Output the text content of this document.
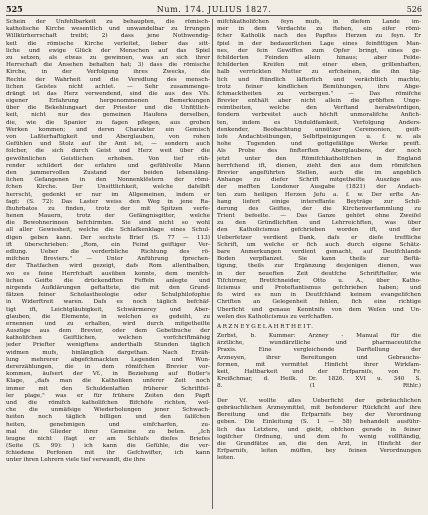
525	Num. 174. JULIUS 1827.	526
Schein der Unfehlbarkeit zu behaupten, die römisch-
katholische Kirche wesentlich und unwandelbar zu Irrungen
Willkürherrschaft treibt; 2) dass jene Nothwendig-
keit die römische Kirche verleitet, lieber das sitt-
liche und ewige Glück der Menschen auf das Spiel
zu setzen, als etwas zu gewinnen, was an sich ihrer
Herrschaft die Ansehen behalten hat; 3) dass die römische
Kirche, in der Verfolgung ihres Zwecks, die
Rechte der Wahrheit und die Veredlung des mensch-
lichen Geistes nicht achtet. — Sehr zusammenge-
drängt ist das Herz verwendend, sind die aus des Vfs.
eigener Erfahrung hergenommenen Bemerkungen
über die Bekehlungsart der Priester und die Unfittlich-
keit, nicht nur des gemeinen Haufens derselben,
die, wie die Spanier zu fagen pflegen, aus groben
Werken kommen; und deren Charakter ein Gemisch
von Laßterhaftigkeit und Aberglauben, von rohen
Gefühlen und Stolz auf ihr Amt ist, — sondern auch
folcher, die sich durch Geist und Herz weit über die
gewöhnlichen Geistlichen erhoben. Von tief rüh-
render schildert der erfahre und gefühlvolle Mann
den jammervollen Zustand der beiden lebensläng-
lichen Gefangenen in den Nonnenklöstern der römi-
fchen Kirche. Der Unsittlichkeit, welche dafelbft
herrscht, gedenkt er nur im Allgemeinen, indem er
fagt: (S. 72): Das Laster weiss den Weg in jene Ra-
fhuhrbatos zu finden, trotz der mit Spitzen verfe-
henen Mauern, trotz der Gefängnisgitter, welche
die Bewohnerinnen befchirmten. Sie sind nicht so wohl
all aller Gewissheit, welche die Schlafkenklage eines Schul-
digen geben kann. Der sechste Brief (S. 77 — 113)
ift überschrieben: „Rom, ein Feind geiftiger Ver-
edlung. Ueber die verderbliche Richtung des rö-
mifchen Breviers." — Unter Anführung fprechen-
der Thatfachen wird gezeigt, dafs Rom allenthalben,
wo es feine Herrfchaft ausüben konnte, dem menfch-
lichen Geifte die drückendften Feffeln anlegte und
nirgends Aufklärungen geftattete, die mit den Grund-
fätzen feiner Scholastheologie oder Schulphilofophie
in Widerftreit waren. Dafs es noch täglich befchäf-
tigt ift, Leichtgläubigkeit, Schwärmerey und Aber-
glauben, die Elemente, in welchen es gedeiht, zu
ernennen und zu erhalten, wird durch mitgetheilte
Auszüge aus dem Brevier, oder dem Gebetbuche der
katholifchen Geiftlichen, welchen vorfchriftmäfsig
jeder Priefter wenigftens anderthalb Stunden täglich
widmen mufs, hinlänglich dargethan. Nach Erzäh-
lung mehrerer abgefchmackten Legenden und Wun-
dererzählungen, die in dem römifchen Brevier vor-
kommen, äufsert der Vf., in Beziehung auf Butler's
Klage, „dafs man die Katholiken unferer Zeit noch
immer mit den Schuldenlaften früherer Schriftfel-
ler plage," was er für frühere Zeiten den Papft
und die römifch katholifchen Bifchöfe richten, wel-
che die unmäfsige Wiederholungen jener Schwach-
heiten noch täglich billigen und den ſaliſchen
heiten, genehmigen und einfcharfen, zu-
mal die Glieder ihrer Gemeine zu beten. „Ich
leugne nicht (fagt er am Schlufs dieſes Briefes
(Seite (S. 99): ) ich kann die Gefühle, die ver-
fchiedene Perfonen mit ihr Gefchwifter, ich kann
unter ihren Lehrern viele tief verwandt, die ihre
mifchkatholifchen feyn mufs, in diefem Lande im-
mer in dem Verdachte zu ftehen, ein eifer römi-
fcher Katholik nach des Papftes Herzen zu feyn. Er
fpiel in der bedauerlichen Lage eines feinfittigen Man-
nes, der fein Gewiffen zum Opfer bringt, eines ge-
fchilderten Feinden allein hinaus; aber Felde-
fchilderten Kreifen mit einer eben, grillenhaften,
halb verrückten Mutter zu erfcheinen, die ihn täg-
lich und ftündlich läfterlich und verächtlich machte,
trotz feiner kindlichen Bemühungen, ihre Abge-
fchmacktheiten zu verbergen." — Das römifche
Brevier enthält aber nicht allein die gröbften Unge-
reimtheiten, welche den Verftand herabwürdigen,
fondern verbreitet auch höchft unmoralifche Anfich-
ten, indem es Unduldfamkeit, Verfolgung Anders-
denkender, Beobachtung unnützer Ceremonien, geift-
lofe Andachtsübungen, Selbftpeinigungen u. f. w. als
hohe Tugenden und gottgefällige Werke preift.
Als Probe des finfterften Aberglaubens, der noch
jetzt unter den Römifchkatholifchen in England
herrfchend ift, dienen, zieht den aus dem römifchen
Brevier angeführten Stellen, auch die im angeblich
Anhange zu diefer Schrift mitgetheilte Auszüge aus
der mefften Londoner Ausgabe (1821) der Andach-
ten zum heiligen Herzen Jefu a. f. w. Der erfte An-
hang liefert einige intereffante Beyträge zur Schil-
derung des Geiftes, der die Kirchenverfammlung zu
Trient befeelte. — Das Ganze gehört ohne Zweifel
zu den Gründlichften und Lehrreichften, was über
den Katholicismus gefchrieben worden ift, und der
Ueberfetzer verdient Dank, dafs er diefe treffliche
Schrift, um welche er fich auch durch eigene Schätz-
bare Anmerkungen verdient gemacht, auf Deutfchlands
Boden verpflanzet. Sie kann theils zur Beftä-
tigung, theils zur Ergänzung desjenigen dienen, was
in der neueften Zeit deutfche Schriftfteller, wie
Tifchirner, Bretfchneider, Otto u. A., über Katho-
licismus und Proteftantismus gefchrieben haben; und
fo wird es nun in Deutfchland keinem evangelifchen
Chriften an Gelegenheit fehlen, fich eine richtige
Überficht und genaue Kenntnifs von dem Weſen und Un-
weſen des Katholicismus zu verfchaffen.
ARZNEYGELAHRTHEIT.
Zerbst, b. Kummer: Arzney - Manual für die
ärztliche, wundärztliche und pharmaceutiſche
Praxis. Eine vergleichende Darftellung der
Arzneyen, ihrer Bereitungen und Gebrauchs-
formen, mit vermittet Hinficht ihrer Wirkfam-
keit, Haltbarkeit und der Erfparniſs, von Fr.
Kreißchmar, d. Heilk. Dr. 1826. XVI u. 340 S.
8. (1 Rthlr.)
Der Vf. wollte alles Ueberficht der gebräuchlichen
gebräuchlichen Arzneymittel, mit befonderer Rückficht auf ihre
Bereitung und die Erfparnifs bey der Verordnung
geben. Die Einleitung (S. 1 — 58) behandelt ausführ-
lich das Letztere, und giebt, obfchon gerade in feiner
logifcher Ordnung, und dem fo wenig vollftändig,
die Grundfätze an, die den Arzt, in Hinficht der
Erfparnifs, leiten müffen, bey feinen Verordnungen
leiten.
